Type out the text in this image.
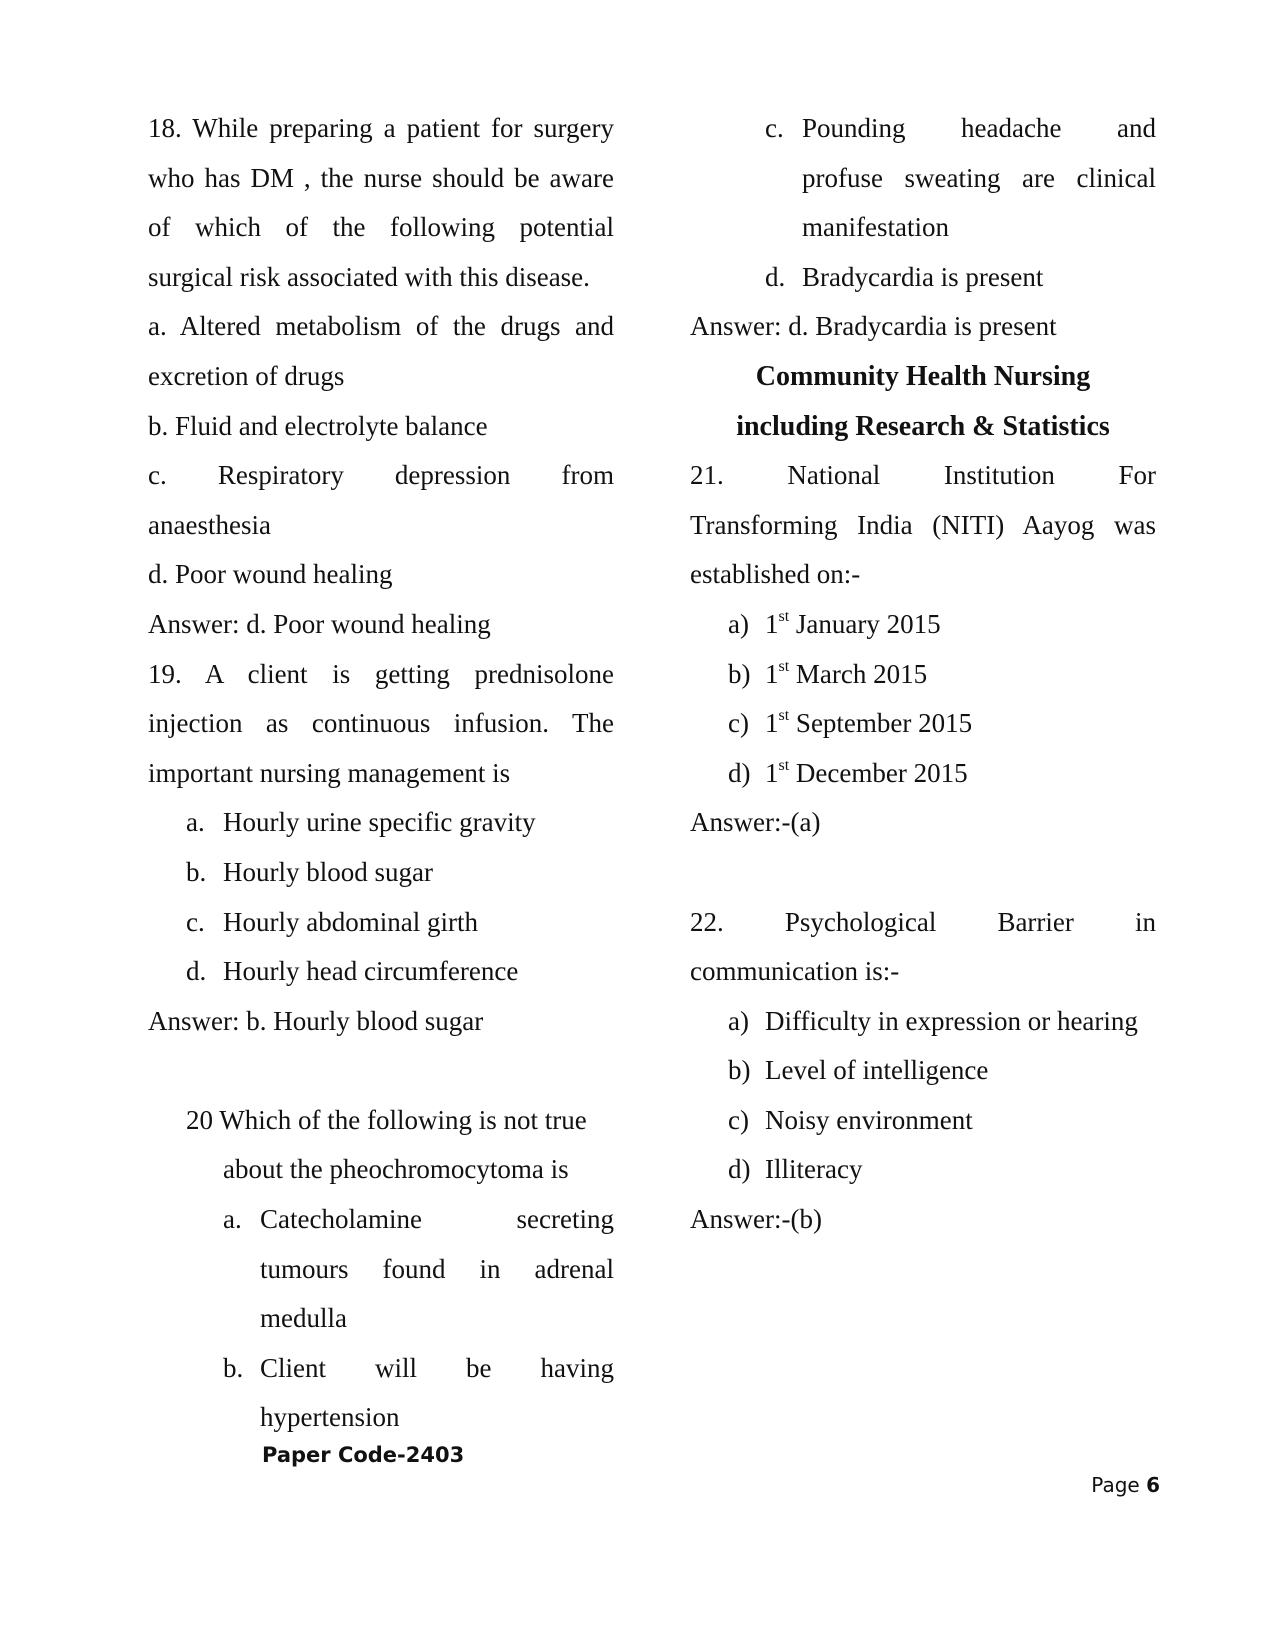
18. While preparing a patient for surgery
who has DM , the nurse should be aware
of which of the following potential
surgical risk associated with this disease.
a. Altered metabolism of the drugs and
excretion of drugs
b. Fluid and electrolyte balance
c. Respiratory depression from
anaesthesia
d. Poor wound healing
Answer: d. Poor wound healing
19. A client is getting prednisolone
injection as continuous infusion. The
important nursing management is
a. Hourly urine specific gravity
b. Hourly blood sugar
c. Hourly abdominal girth
d. Hourly head circumference
Answer: b. Hourly blood sugar
20 Which of the following is not true
about the pheochromocytoma is
a. Catecholamine secreting
tumours found in adrenal
medulla
b. Client will be having
hypertension
c. Pounding headache and
profuse sweating are clinical
manifestation
d. Bradycardia is present
Answer: d. Bradycardia is present
Community Health Nursing
including Research & Statistics
21. National Institution For
Transforming India (NITI) Aayog was
established on:-
a) 1st January 2015
b) 1st March 2015
c) 1st September 2015
d) 1st December 2015
Answer:-(a)
22. Psychological Barrier in
communication is:-
a) Difficulty in expression or hearing
b) Level of intelligence
c) Noisy environment
d) Illiteracy
Answer:-(b)
Paper Code-2403
Page 6
